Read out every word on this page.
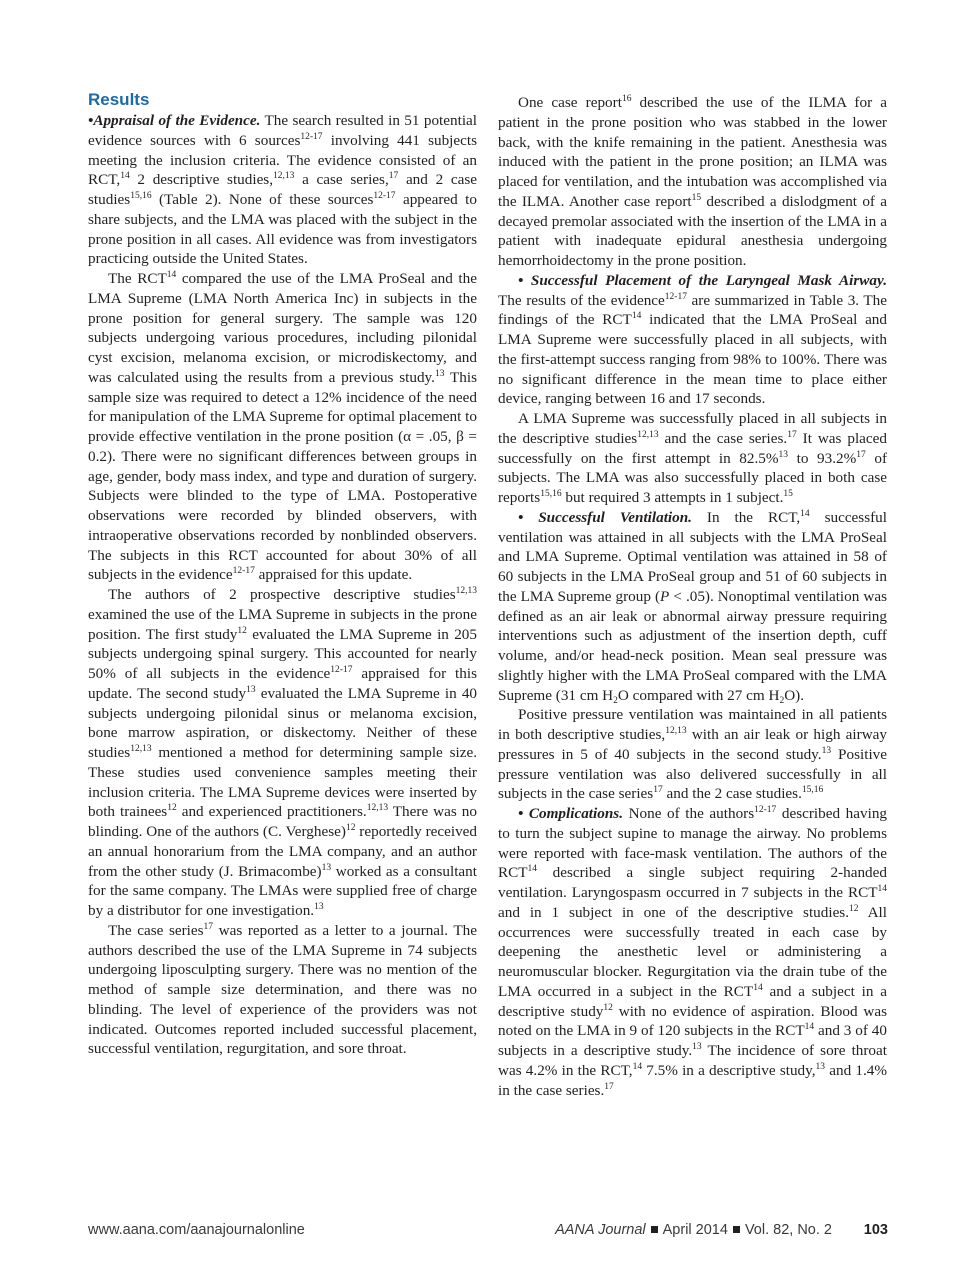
Results

•Appraisal of the Evidence. The search resulted in 51 potential evidence sources with 6 sources$^{12-17}$ involving 441 subjects meeting the inclusion criteria. The evidence consisted of an RCT,$^{14}$ 2 descriptive studies,$^{12,13}$ a case series,$^{17}$ and 2 case studies$^{15,16}$ (Table 2). None of these sources$^{12-17}$ appeared to share subjects, and the LMA was placed with the subject in the prone position in all cases. All evidence was from investigators practicing outside the United States.

The RCT$^{14}$ compared the use of the LMA ProSeal and the LMA Supreme (LMA North America Inc) in subjects in the prone position for general surgery. The sample was 120 subjects undergoing various procedures, including pilonidal cyst excision, melanoma excision, or microdiskectomy, and was calculated using the results from a previous study.$^{13}$ This sample size was required to detect a 12% incidence of the need for manipulation of the LMA Supreme for optimal placement to provide effective ventilation in the prone position (α = .05, β = 0.2). There were no significant differences between groups in age, gender, body mass index, and type and duration of surgery. Subjects were blinded to the type of LMA. Postoperative observations were recorded by blinded observers, with intraoperative observations recorded by nonblinded observers. The subjects in this RCT accounted for about 30% of all subjects in the evidence$^{12-17}$ appraised for this update.

The authors of 2 prospective descriptive studies$^{12,13}$ examined the use of the LMA Supreme in subjects in the prone position. The first study$^{12}$ evaluated the LMA Supreme in 205 subjects undergoing spinal surgery. This accounted for nearly 50% of all subjects in the evidence$^{12-17}$ appraised for this update. The second study$^{13}$ evaluated the LMA Supreme in 40 subjects undergoing pilonidal sinus or melanoma excision, bone marrow aspiration, or diskectomy. Neither of these studies$^{12,13}$ mentioned a method for determining sample size. These studies used convenience samples meeting their inclusion criteria. The LMA Supreme devices were inserted by both trainees$^{12}$ and experienced practitioners.$^{12,13}$ There was no blinding. One of the authors (C. Verghese)$^{12}$ reportedly received an annual honorarium from the LMA company, and an author from the other study (J. Brimacombe)$^{13}$ worked as a consultant for the same company. The LMAs were supplied free of charge by a distributor for one investigation.$^{13}$

The case series$^{17}$ was reported as a letter to a journal. The authors described the use of the LMA Supreme in 74 subjects undergoing liposculpting surgery. There was no mention of the method of sample size determination, and there was no blinding. The level of experience of the providers was not indicated. Outcomes reported included successful placement, successful ventilation, regurgitation, and sore throat.

One case report$^{16}$ described the use of the ILMA for a patient in the prone position who was stabbed in the lower back, with the knife remaining in the patient. Anesthesia was induced with the patient in the prone position; an ILMA was placed for ventilation, and the intubation was accomplished via the ILMA. Another case report$^{15}$ described a dislodgment of a decayed premolar associated with the insertion of the LMA in a patient with inadequate epidural anesthesia undergoing hemorrhoidectomy in the prone position.

• Successful Placement of the Laryngeal Mask Airway. The results of the evidence$^{12-17}$ are summarized in Table 3. The findings of the RCT$^{14}$ indicated that the LMA ProSeal and LMA Supreme were successfully placed in all subjects, with the first-attempt success ranging from 98% to 100%. There was no significant difference in the mean time to place either device, ranging between 16 and 17 seconds.

A LMA Supreme was successfully placed in all subjects in the descriptive studies$^{12,13}$ and the case series.$^{17}$ It was placed successfully on the first attempt in 82.5%$^{13}$ to 93.2%$^{17}$ of subjects. The LMA was also successfully placed in both case reports$^{15,16}$ but required 3 attempts in 1 subject.$^{15}$

• Successful Ventilation. In the RCT,$^{14}$ successful ventilation was attained in all subjects with the LMA ProSeal and LMA Supreme. Optimal ventilation was attained in 58 of 60 subjects in the LMA ProSeal group and 51 of 60 subjects in the LMA Supreme group (P < .05). Nonoptimal ventilation was defined as an air leak or abnormal airway pressure requiring interventions such as adjustment of the insertion depth, cuff volume, and/or head-neck position. Mean seal pressure was slightly higher with the LMA ProSeal compared with the LMA Supreme (31 cm $H_2O$ compared with 27 cm $H_2O$).

Positive pressure ventilation was maintained in all patients in both descriptive studies,$^{12,13}$ with an air leak or high airway pressures in 5 of 40 subjects in the second study.$^{13}$ Positive pressure ventilation was also delivered successfully in all subjects in the case series$^{17}$ and the 2 case studies.$^{15,16}$

• Complications. None of the authors$^{12-17}$ described having to turn the subject supine to manage the airway. No problems were reported with face-mask ventilation. The authors of the RCT$^{14}$ described a single subject requiring 2-handed ventilation. Laryngospasm occurred in 7 subjects in the RCT$^{14}$ and in 1 subject in one of the descriptive studies.$^{12}$ All occurrences were successfully treated in each case by deepening the anesthetic level or administering a neuromuscular blocker. Regurgitation via the drain tube of the LMA occurred in a subject in the RCT$^{14}$ and a subject in a descriptive study$^{12}$ with no evidence of aspiration. Blood was noted on the LMA in 9 of 120 subjects in the RCT$^{14}$ and 3 of 40 subjects in a descriptive study.$^{13}$ The incidence of sore throat was 4.2% in the RCT,$^{14}$ 7.5% in a descriptive study,$^{13}$ and 1.4% in the case series.$^{17}$

www.aana.com/aanajournalonline	AANA Journal April 2014 Vol. 82, No. 2 103
